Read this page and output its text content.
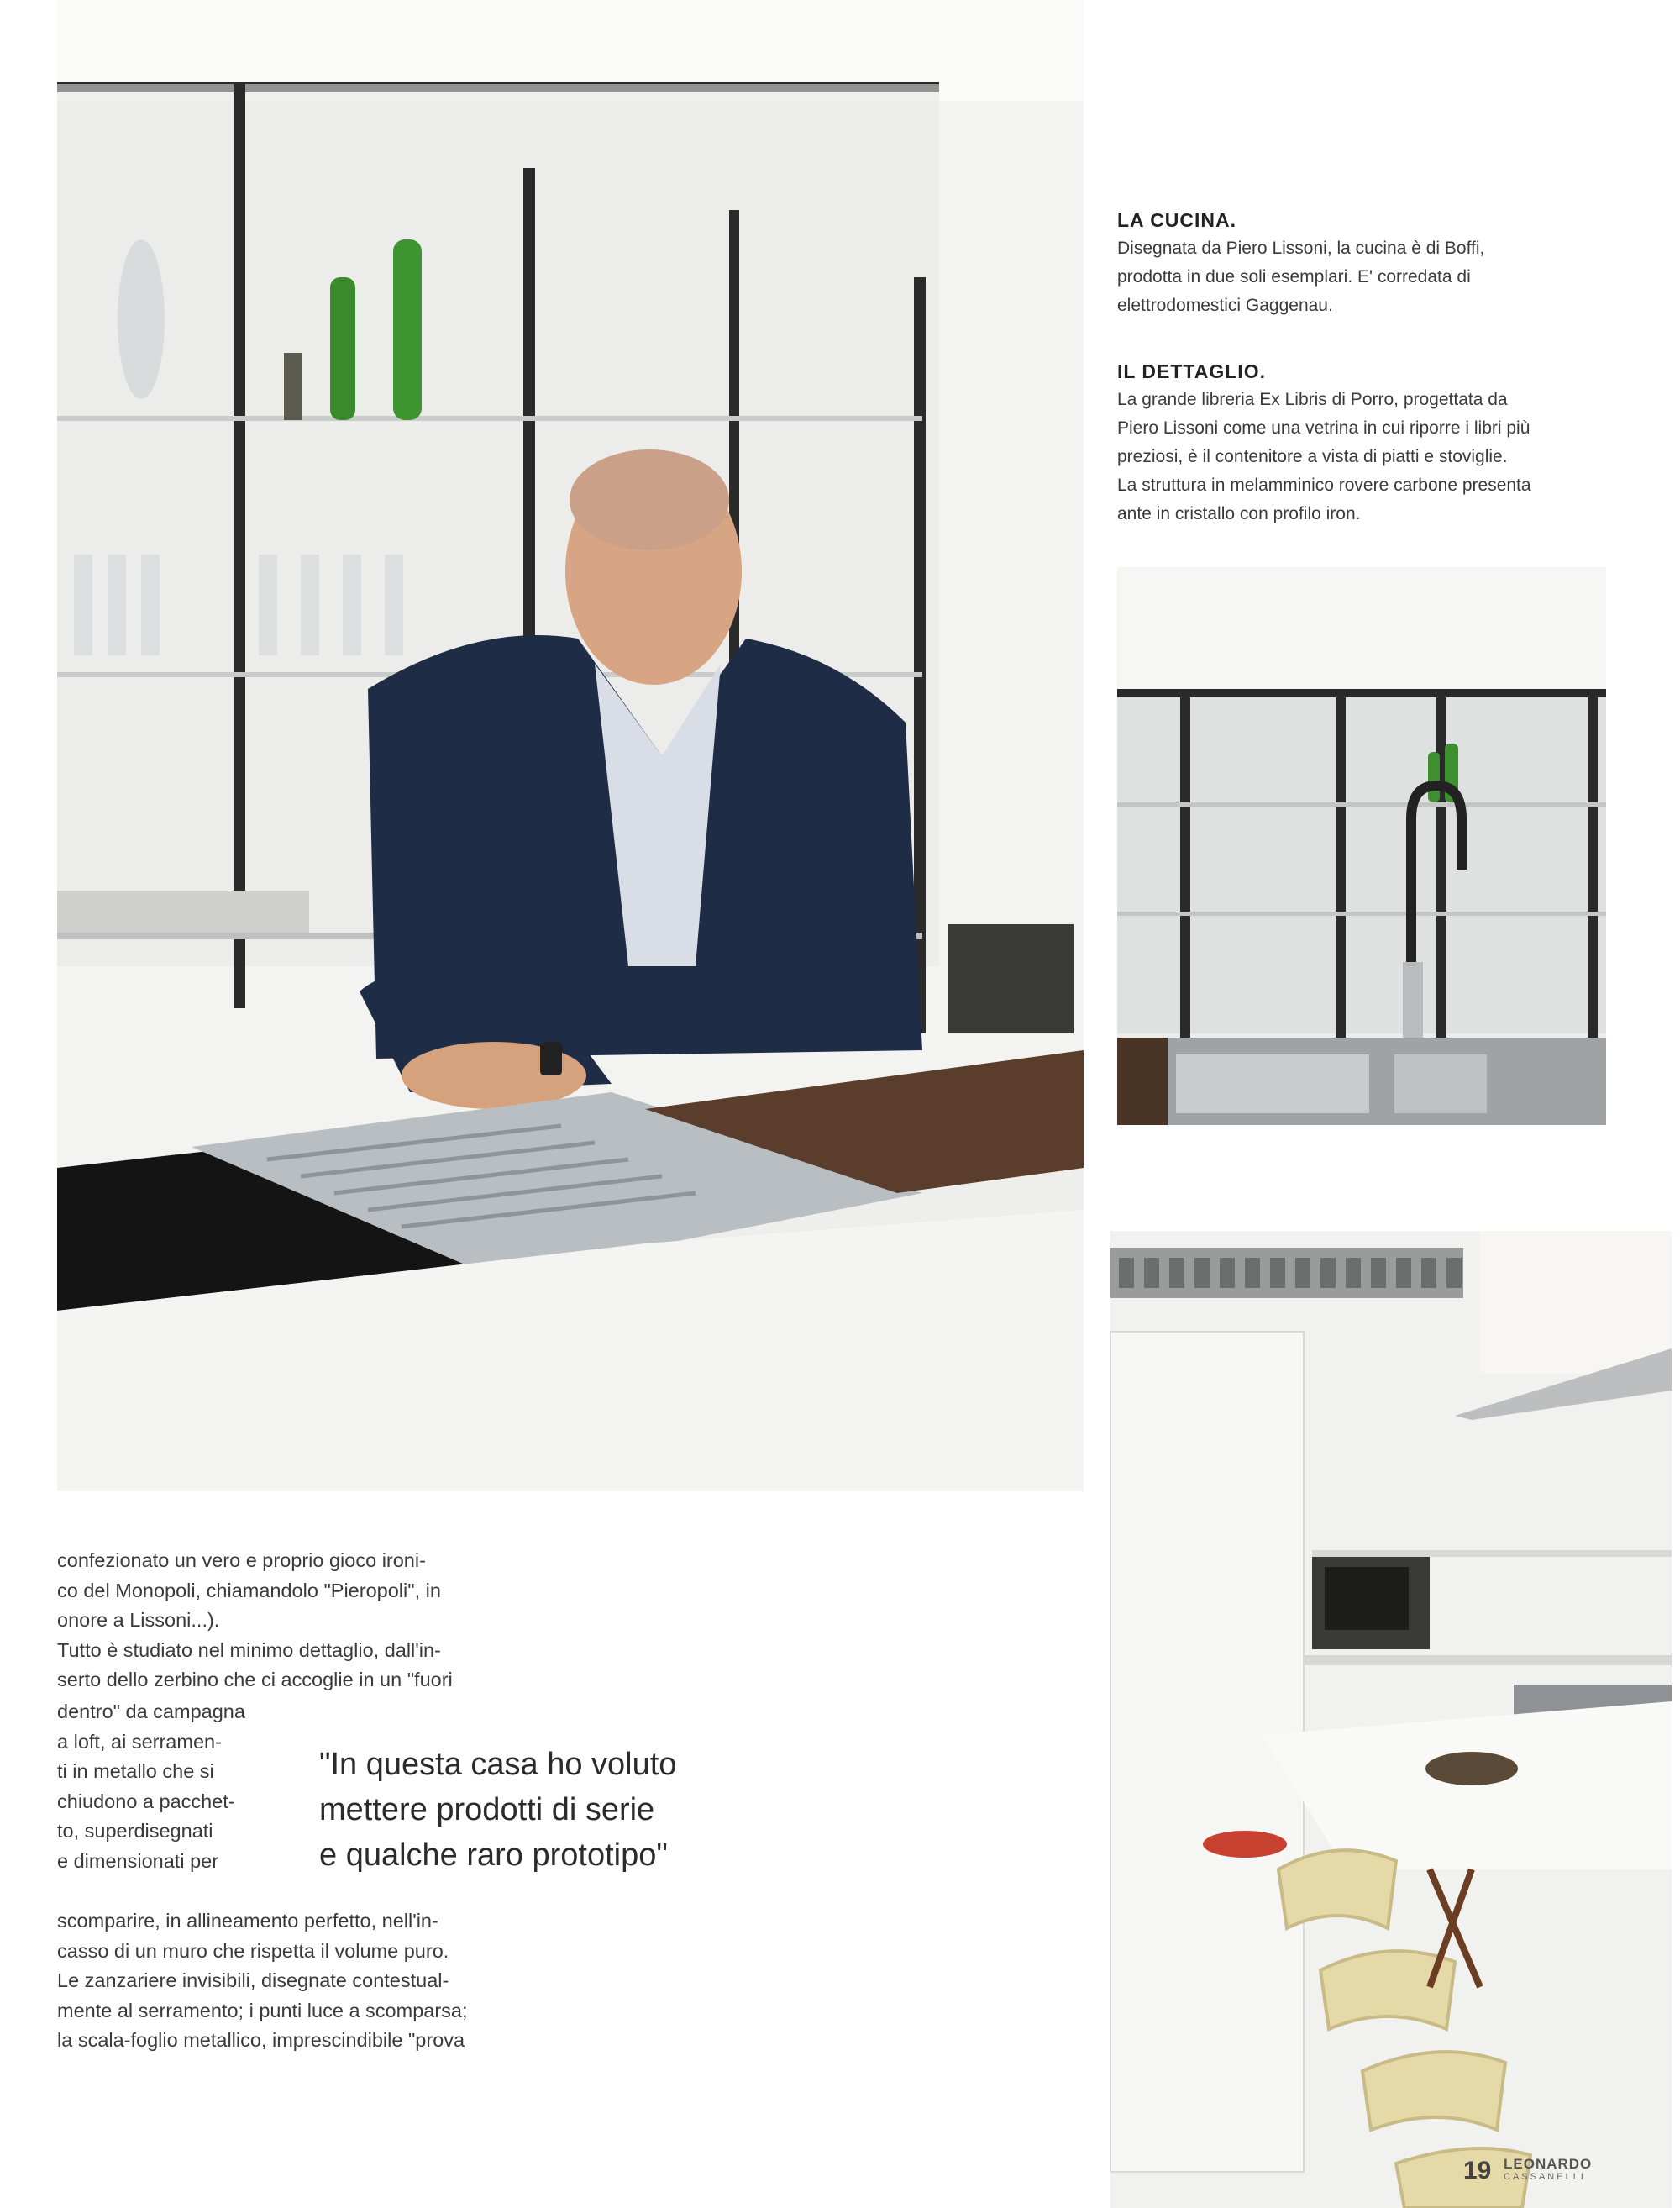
LA CUCINA.

Disegnata da Piero Lissoni, la cucina è di Boffi,

prodotta in due soli esemplari. E' corredata di

elettrodomestici Gaggenau.

IL DETTAGLIO.

La grande libreria Ex Libris di Porro, progettata da

Piero Lissoni come una vetrina in cui riporre i libri più

preziosi, è il contenitore a vista di piatti e stoviglie.

La struttura in melamminico rovere carbone presenta

ante in cristallo con profilo iron.

confezionato un vero e proprio gioco ironi-

co del Monopoli, chiamandolo "Pieropoli", in

onore a Lissoni...).

Tutto è studiato nel minimo dettaglio, dall'in-

serto dello zerbino che ci accoglie in un "fuori

dentro" da campagna

a loft, ai serramen-

ti in metallo che si

chiudono a pacchet-

to, superdisegnati

e dimensionati per

"In questa casa ho voluto
mettere prodotti di serie
e qualche raro prototipo"

scomparire, in allineamento perfetto, nell'in-

casso di un muro che rispetta il volume puro.

Le zanzariere invisibili, disegnate contestual-

mente al serramento; i punti luce a scomparsa;

la scala-foglio metallico, imprescindibile "prova

19 LEONARDO
CASSANELLI
